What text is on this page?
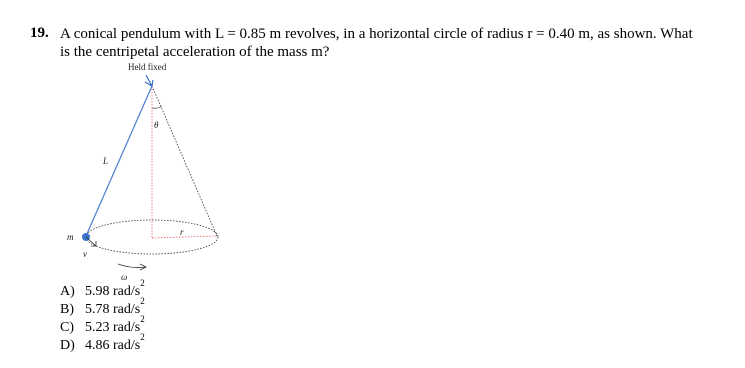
19. A conical pendulum with L = 0.85 m revolves, in a horizontal circle of radius r = 0.40 m, as shown. What
is the centripetal acceleration of the mass m?
Held fixed
θ
L
r
m
v
ω
A) 5.98 rad/s
2
B) 5.78 rad/s
2
C) 5.23 rad/s
2
D) 4.86 rad/s
2
